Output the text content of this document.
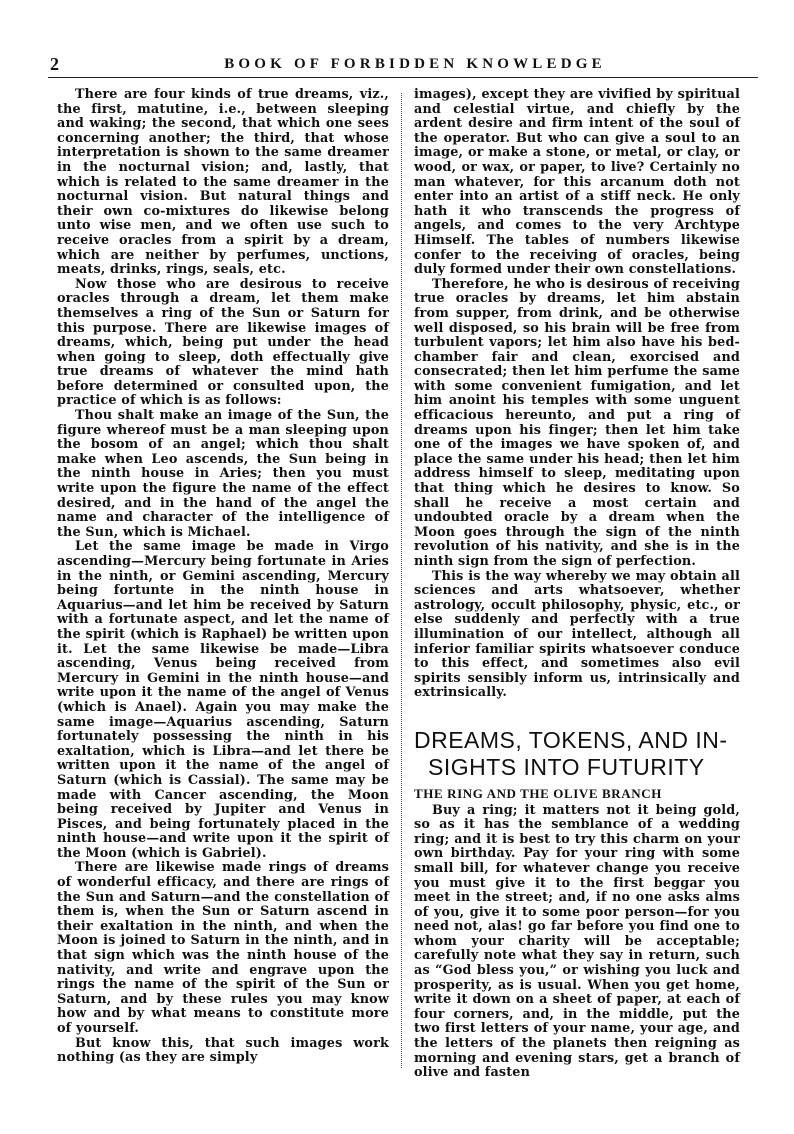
2	BOOK OF FORBIDDEN KNOWLEDGE

There are four kinds of true dreams, viz., the first, matutine, i.e., between sleeping and waking; the second, that which one sees concerning another; the third, that whose interpretation is shown to the same dreamer in the nocturnal vision; and, lastly, that which is related to the same dreamer in the nocturnal vision. But natural things and their own co-mixtures do likewise belong unto wise men, and we often use such to receive oracles from a spirit by a dream, which are neither by perfumes, unctions, meats, drinks, rings, seals, etc.

Now those who are desirous to receive oracles through a dream, let them make themselves a ring of the Sun or Saturn for this purpose. There are likewise images of dreams, which, being put under the head when going to sleep, doth effectually give true dreams of whatever the mind hath before determined or consulted upon, the practice of which is as follows:

Thou shalt make an image of the Sun, the figure whereof must be a man sleeping upon the bosom of an angel; which thou shalt make when Leo ascends, the Sun being in the ninth house in Aries; then you must write upon the figure the name of the effect desired, and in the hand of the angel the name and character of the intelligence of the Sun, which is Michael.

Let the same image be made in Virgo ascending—Mercury being fortunate in Aries in the ninth, or Gemini ascending, Mercury being fortunte in the ninth house in Aquarius—and let him be received by Saturn with a fortunate aspect, and let the name of the spirit (which is Raphael) be written upon it. Let the same likewise be made—Libra ascending, Venus being received from Mercury in Gemini in the ninth house—and write upon it the name of the angel of Venus (which is Anael). Again you may make the same image—Aquarius ascending, Saturn fortunately possessing the ninth in his exaltation, which is Libra—and let there be written upon it the name of the angel of Saturn (which is Cassial). The same may be made with Cancer ascending, the Moon being received by Jupiter and Venus in Pisces, and being fortunately placed in the ninth house—and write upon it the spirit of the Moon (which is Gabriel).

There are likewise made rings of dreams of wonderful efficacy, and there are rings of the Sun and Saturn—and the constellation of them is, when the Sun or Saturn ascend in their exaltation in the ninth, and when the Moon is joined to Saturn in the ninth, and in that sign which was the ninth house of the nativity, and write and engrave upon the rings the name of the spirit of the Sun or Saturn, and by these rules you may know how and by what means to constitute more of yourself.

But know this, that such images work nothing (as they are simply

images), except they are vivified by spiritual and celestial virtue, and chiefly by the ardent desire and firm intent of the soul of the operator. But who can give a soul to an image, or make a stone, or metal, or clay, or wood, or wax, or paper, to live? Certainly no man whatever, for this arcanum doth not enter into an artist of a stiff neck. He only hath it who transcends the progress of angels, and comes to the very Archtype Himself. The tables of numbers likewise confer to the receiving of oracles, being duly formed under their own constellations.

Therefore, he who is desirous of receiving true oracles by dreams, let him abstain from supper, from drink, and be otherwise well disposed, so his brain will be free from turbulent vapors; let him also have his bed-chamber fair and clean, exorcised and consecrated; then let him perfume the same with some convenient fumigation, and let him anoint his temples with some unguent efficacious hereunto, and put a ring of dreams upon his finger; then let him take one of the images we have spoken of, and place the same under his head; then let him address himself to sleep, meditating upon that thing which he desires to know. So shall he receive a most certain and undoubted oracle by a dream when the Moon goes through the sign of the ninth revolution of his nativity, and she is in the ninth sign from the sign of perfection.

This is the way whereby we may obtain all sciences and arts whatsoever, whether astrology, occult philosophy, physic, etc., or else suddenly and perfectly with a true illumination of our intellect, although all inferior familiar spirits whatsoever conduce to this effect, and sometimes also evil spirits sensibly inform us, intrinsically and extrinsically.

DREAMS, TOKENS, AND IN-
SIGHTS INTO FUTURITY
THE RING AND THE OLIVE BRANCH

Buy a ring; it matters not it being gold, so as it has the semblance of a wedding ring; and it is best to try this charm on your own birthday. Pay for your ring with some small bill, for whatever change you receive you must give it to the first beggar you meet in the street; and, if no one asks alms of you, give it to some poor person—for you need not, alas! go far before you find one to whom your charity will be acceptable; carefully note what they say in return, such as “God bless you,” or wishing you luck and prosperity, as is usual. When you get home, write it down on a sheet of paper, at each of four corners, and, in the middle, put the two first letters of your name, your age, and the letters of the planets then reigning as morning and evening stars, get a branch of olive and fasten
